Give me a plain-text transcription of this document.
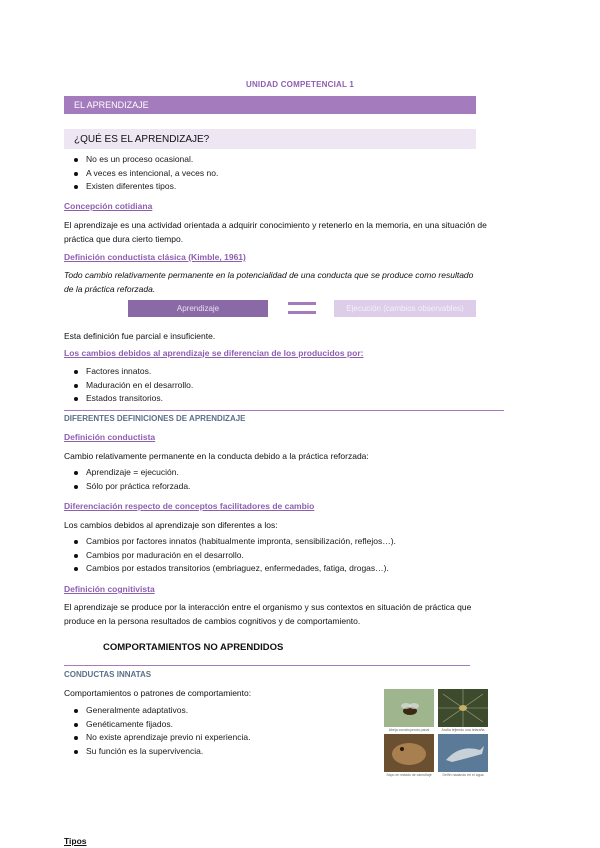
UNIDAD COMPETENCIAL 1
EL APRENDIZAJE
¿QUÉ ES EL APRENDIZAJE?
No es un proceso ocasional.
A veces es intencional, a veces no.
Existen diferentes tipos.
Concepción cotidiana
El aprendizaje es una actividad orientada a adquirir conocimiento y retenerlo en la memoria, en una situación de práctica que dura cierto tiempo.
Definición conductista clásica (Kimble, 1961)
Todo cambio relativamente permanente en la potencialidad de una conducta que se produce como resultado de la práctica reforzada.
Aprendizaje	Ejecución (cambios observables)
Esta definición fue parcial e insuficiente.
Los cambios debidos al aprendizaje se diferencian de los producidos por:
Factores innatos.
Maduración en el desarrollo.
Estados transitorios.
DIFERENTES DEFINICIONES DE APRENDIZAJE
Definición conductista
Cambio relativamente permanente en la conducta debido a la práctica reforzada:
Aprendizaje = ejecución.
Sólo por práctica reforzada.
Diferenciación respecto de conceptos facilitadores de cambio
Los cambios debidos al aprendizaje son diferentes a los:
Cambios por factores innatos (habitualmente impronta, sensibilización, reflejos…).
Cambios por maduración en el desarrollo.
Cambios por estados transitorios (embriaguez, enfermedades, fatiga, drogas…).
Definición cognitivista
El aprendizaje se produce por la interacción entre el organismo y sus contextos en situación de práctica que produce en la persona resultados de cambios cognitivos y de comportamiento.
COMPORTAMIENTOS NO APRENDIDOS
CONDUCTAS INNATAS
Comportamientos o patrones de comportamiento:
Generalmente adaptativos.
Genéticamente fijados.
No existe aprendizaje previo ni experiencia.
Su función es la supervivencia.
Abeja construyendo panal	Araña tejiendo una telaraña
Sapo en estado de camuflaje	Delfín nadando en el agua
Tipos
